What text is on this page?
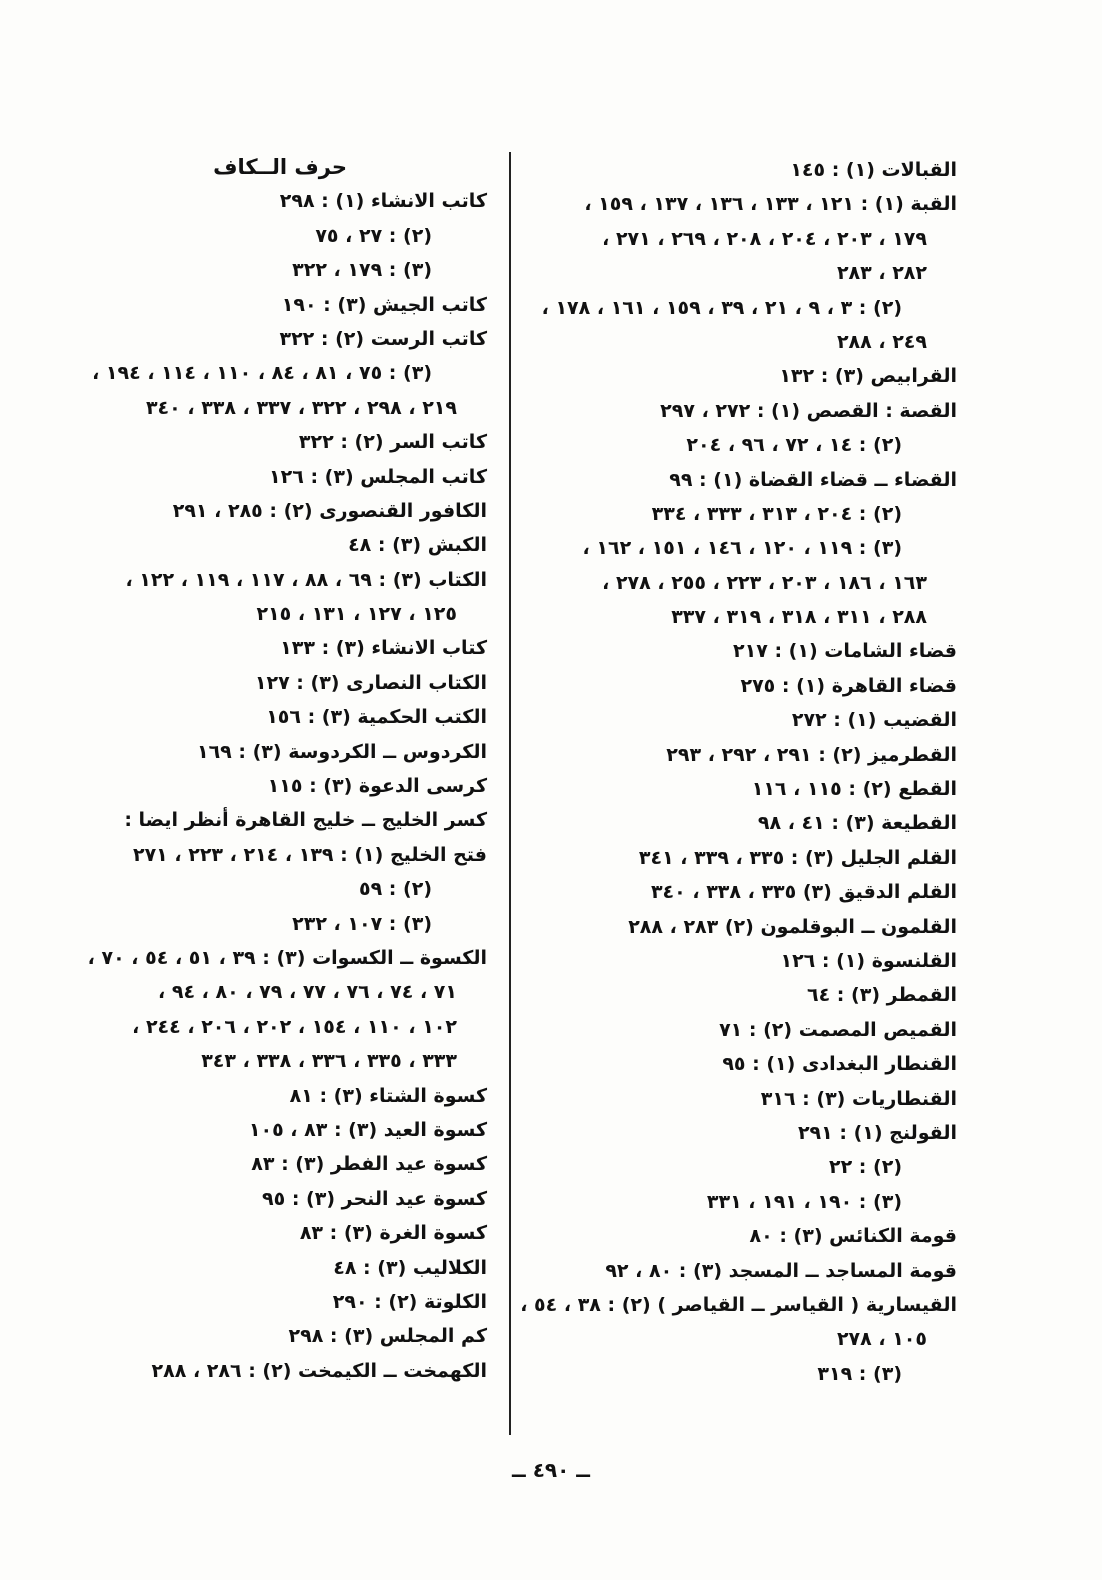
القبالات (١) : ١٤٥
القبة (١) : ١٢١ ، ١٣٣ ، ١٣٦ ، ١٣٧ ، ١٥٩ ،
١٧٩ ، ٢٠٣ ، ٢٠٤ ، ٢٠٨ ، ٢٦٩ ، ٢٧١ ،
٢٨٢ ، ٢٨٣
(٢) : ٣ ، ٩ ، ٢١ ، ٣٩ ، ١٥٩ ، ١٦١ ، ١٧٨ ،
٢٤٩ ، ٢٨٨
القرابيص (٣) : ١٣٢
القصة : القصص (١) : ٢٧٢ ، ٢٩٧
(٢) : ١٤ ، ٧٢ ، ٩٦ ، ٢٠٤
القضاء ــ قضاء القضاة (١) : ٩٩
(٢) : ٢٠٤ ، ٣١٣ ، ٣٣٣ ، ٣٣٤
(٣) : ١١٩ ، ١٢٠ ، ١٤٦ ، ١٥١ ، ١٦٢ ،
١٦٣ ، ١٨٦ ، ٢٠٣ ، ٢٢٣ ، ٢٥٥ ، ٢٧٨ ،
٢٨٨ ، ٣١١ ، ٣١٨ ، ٣١٩ ، ٣٣٧
قضاء الشامات (١) : ٢١٧
قضاء القاهرة (١) : ٢٧٥
القضيب (١) : ٢٧٢
القطرميز (٢) : ٢٩١ ، ٢٩٢ ، ٢٩٣
القطع (٢) : ١١٥ ، ١١٦
القطيعة (٣) : ٤١ ، ٩٨
القلم الجليل (٣) : ٣٣٥ ، ٣٣٩ ، ٣٤١
القلم الدقيق (٣) ٣٣٥ ، ٣٣٨ ، ٣٤٠
القلمون ــ البوقلمون (٢) ٢٨٣ ، ٢٨٨
القلنسوة (١) : ١٢٦
القمطر (٣) : ٦٤
القميص المصمت (٢) : ٧١
القنطار البغدادى (١) : ٩٥
القنطاريات (٣) : ٣١٦
القولنج (١) : ٢٩١
(٢) : ٢٢
(٣) : ١٩٠ ، ١٩١ ، ٣٣١
قومة الكنائس (٣) : ٨٠
قومة المساجد ــ المسجد (٣) : ٨٠ ، ٩٢
القيسارية ( القياسر ــ القياصر ) (٢) : ٣٨ ، ٥٤ ،
١٠٥ ، ٢٧٨
(٣) : ٣١٩
حرف الــكاف
كاتب الانشاء (١) : ٢٩٨
(٢) : ٢٧ ، ٧٥
(٣) : ١٧٩ ، ٣٢٢
كاتب الجيش (٣) : ١٩٠
كاتب الرست (٢) : ٣٢٢
(٣) : ٧٥ ، ٨١ ، ٨٤ ، ١١٠ ، ١١٤ ، ١٩٤ ،
٢١٩ ، ٢٩٨ ، ٣٢٢ ، ٣٣٧ ، ٣٣٨ ، ٣٤٠
كاتب السر (٢) : ٣٢٢
كاتب المجلس (٣) : ١٢٦
الكافور القنصورى (٢) : ٢٨٥ ، ٢٩١
الكبش (٣) : ٤٨
الكتاب (٣) : ٦٩ ، ٨٨ ، ١١٧ ، ١١٩ ، ١٢٢ ،
١٢٥ ، ١٢٧ ، ١٣١ ، ٢١٥
كتاب الانشاء (٣) : ١٣٣
الكتاب النصارى (٣) : ١٢٧
الكتب الحكمية (٣) : ١٥٦
الكردوس ــ الكردوسة (٣) : ١٦٩
كرسى الدعوة (٣) : ١١٥
كسر الخليج ــ خليج القاهرة أنظر ايضا :
فتح الخليج (١) : ١٣٩ ، ٢١٤ ، ٢٢٣ ، ٢٧١
(٢) : ٥٩
(٣) : ١٠٧ ، ٢٣٢
الكسوة ــ الكسوات (٣) : ٣٩ ، ٥١ ، ٥٤ ، ٧٠ ،
٧١ ، ٧٤ ، ٧٦ ، ٧٧ ، ٧٩ ، ٨٠ ، ٩٤ ،
١٠٢ ، ١١٠ ، ١٥٤ ، ٢٠٢ ، ٢٠٦ ، ٢٤٤ ،
٣٣٣ ، ٣٣٥ ، ٣٣٦ ، ٣٣٨ ، ٣٤٣
كسوة الشتاء (٣) : ٨١
كسوة العيد (٣) : ٨٣ ، ١٠٥
كسوة عيد الفطر (٣) : ٨٣
كسوة عيد النحر (٣) : ٩٥
كسوة الغرة (٣) : ٨٣
الكلاليب (٣) : ٤٨
الكلوتة (٢) : ٢٩٠
كم المجلس (٣) : ٢٩٨
الكهمخت ــ الكيمخت (٢) : ٢٨٦ ، ٢٨٨
ــ ٤٩٠ ــ
